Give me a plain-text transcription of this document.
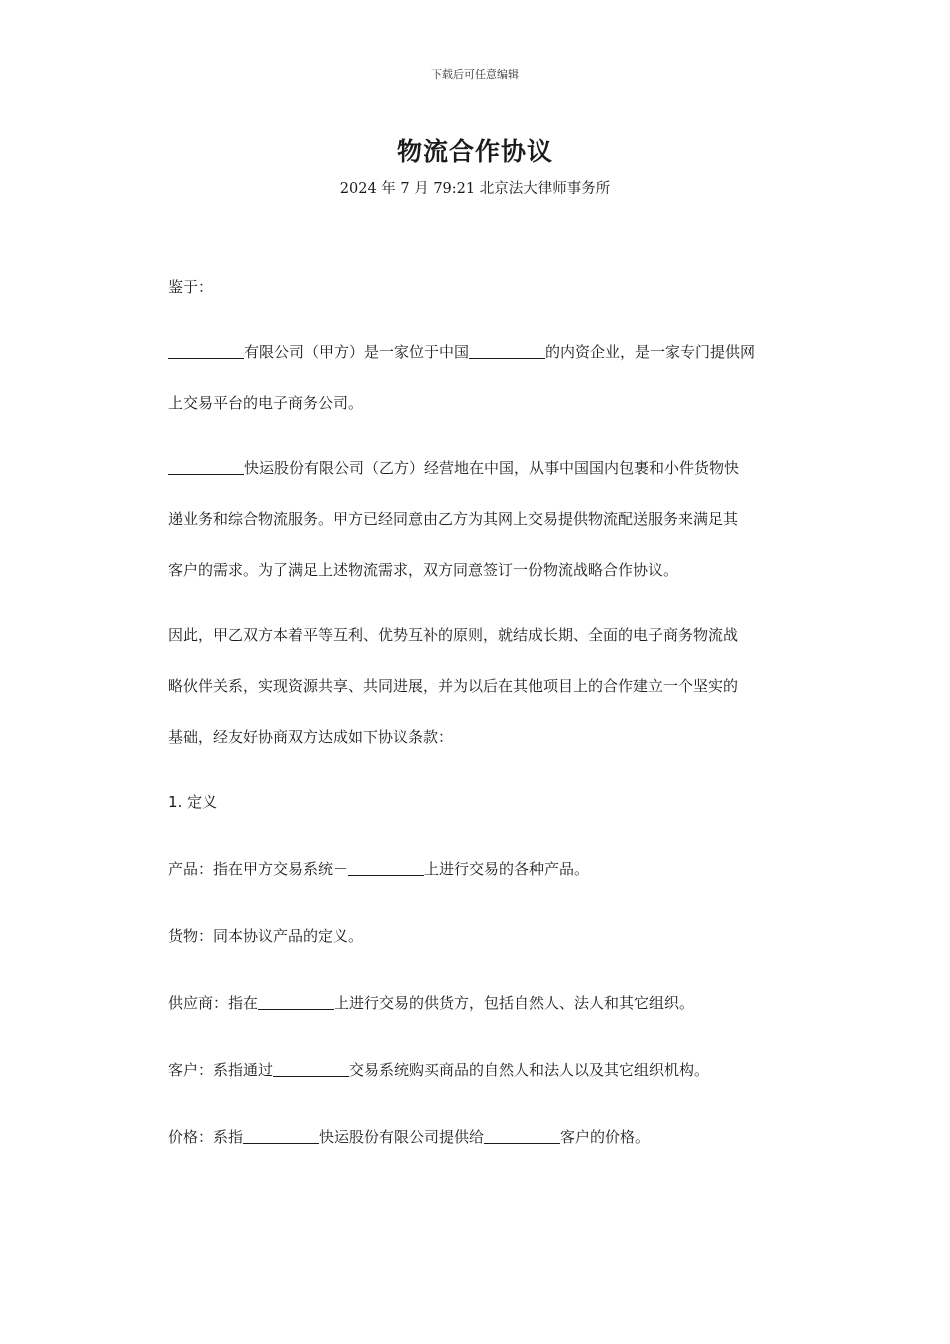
下载后可任意编辑
物流合作协议
2024 年 7 月 79:21 北京法大律师事务所

鉴于：

有限公司（甲方）是一家位于中国	的内资企业，是一家专门提供网

上交易平台的电子商务公司。

快运股份有限公司（乙方）经营地在中国，从事中国国内包裹和小件货物快

递业务和综合物流服务。甲方已经同意由乙方为其网上交易提供物流配送服务来满足其

客户的需求。为了满足上述物流需求，双方同意签订一份物流战略合作协议。

因此，甲乙双方本着平等互利、优势互补的原则，就结成长期、全面的电子商务物流战

略伙伴关系，实现资源共享、共同进展，并为以后在其他项目上的合作建立一个坚实的

基础，经友好协商双方达成如下协议条款：

1. 定义

产品：指在甲方交易系统－	上进行交易的各种产品。

货物：同本协议产品的定义。

供应商：指在	上进行交易的供货方，包括自然人、法人和其它组织。

客户：系指通过	交易系统购买商品的自然人和法人以及其它组织机构。

价格：系指	快运股份有限公司提供给	客户的价格。
